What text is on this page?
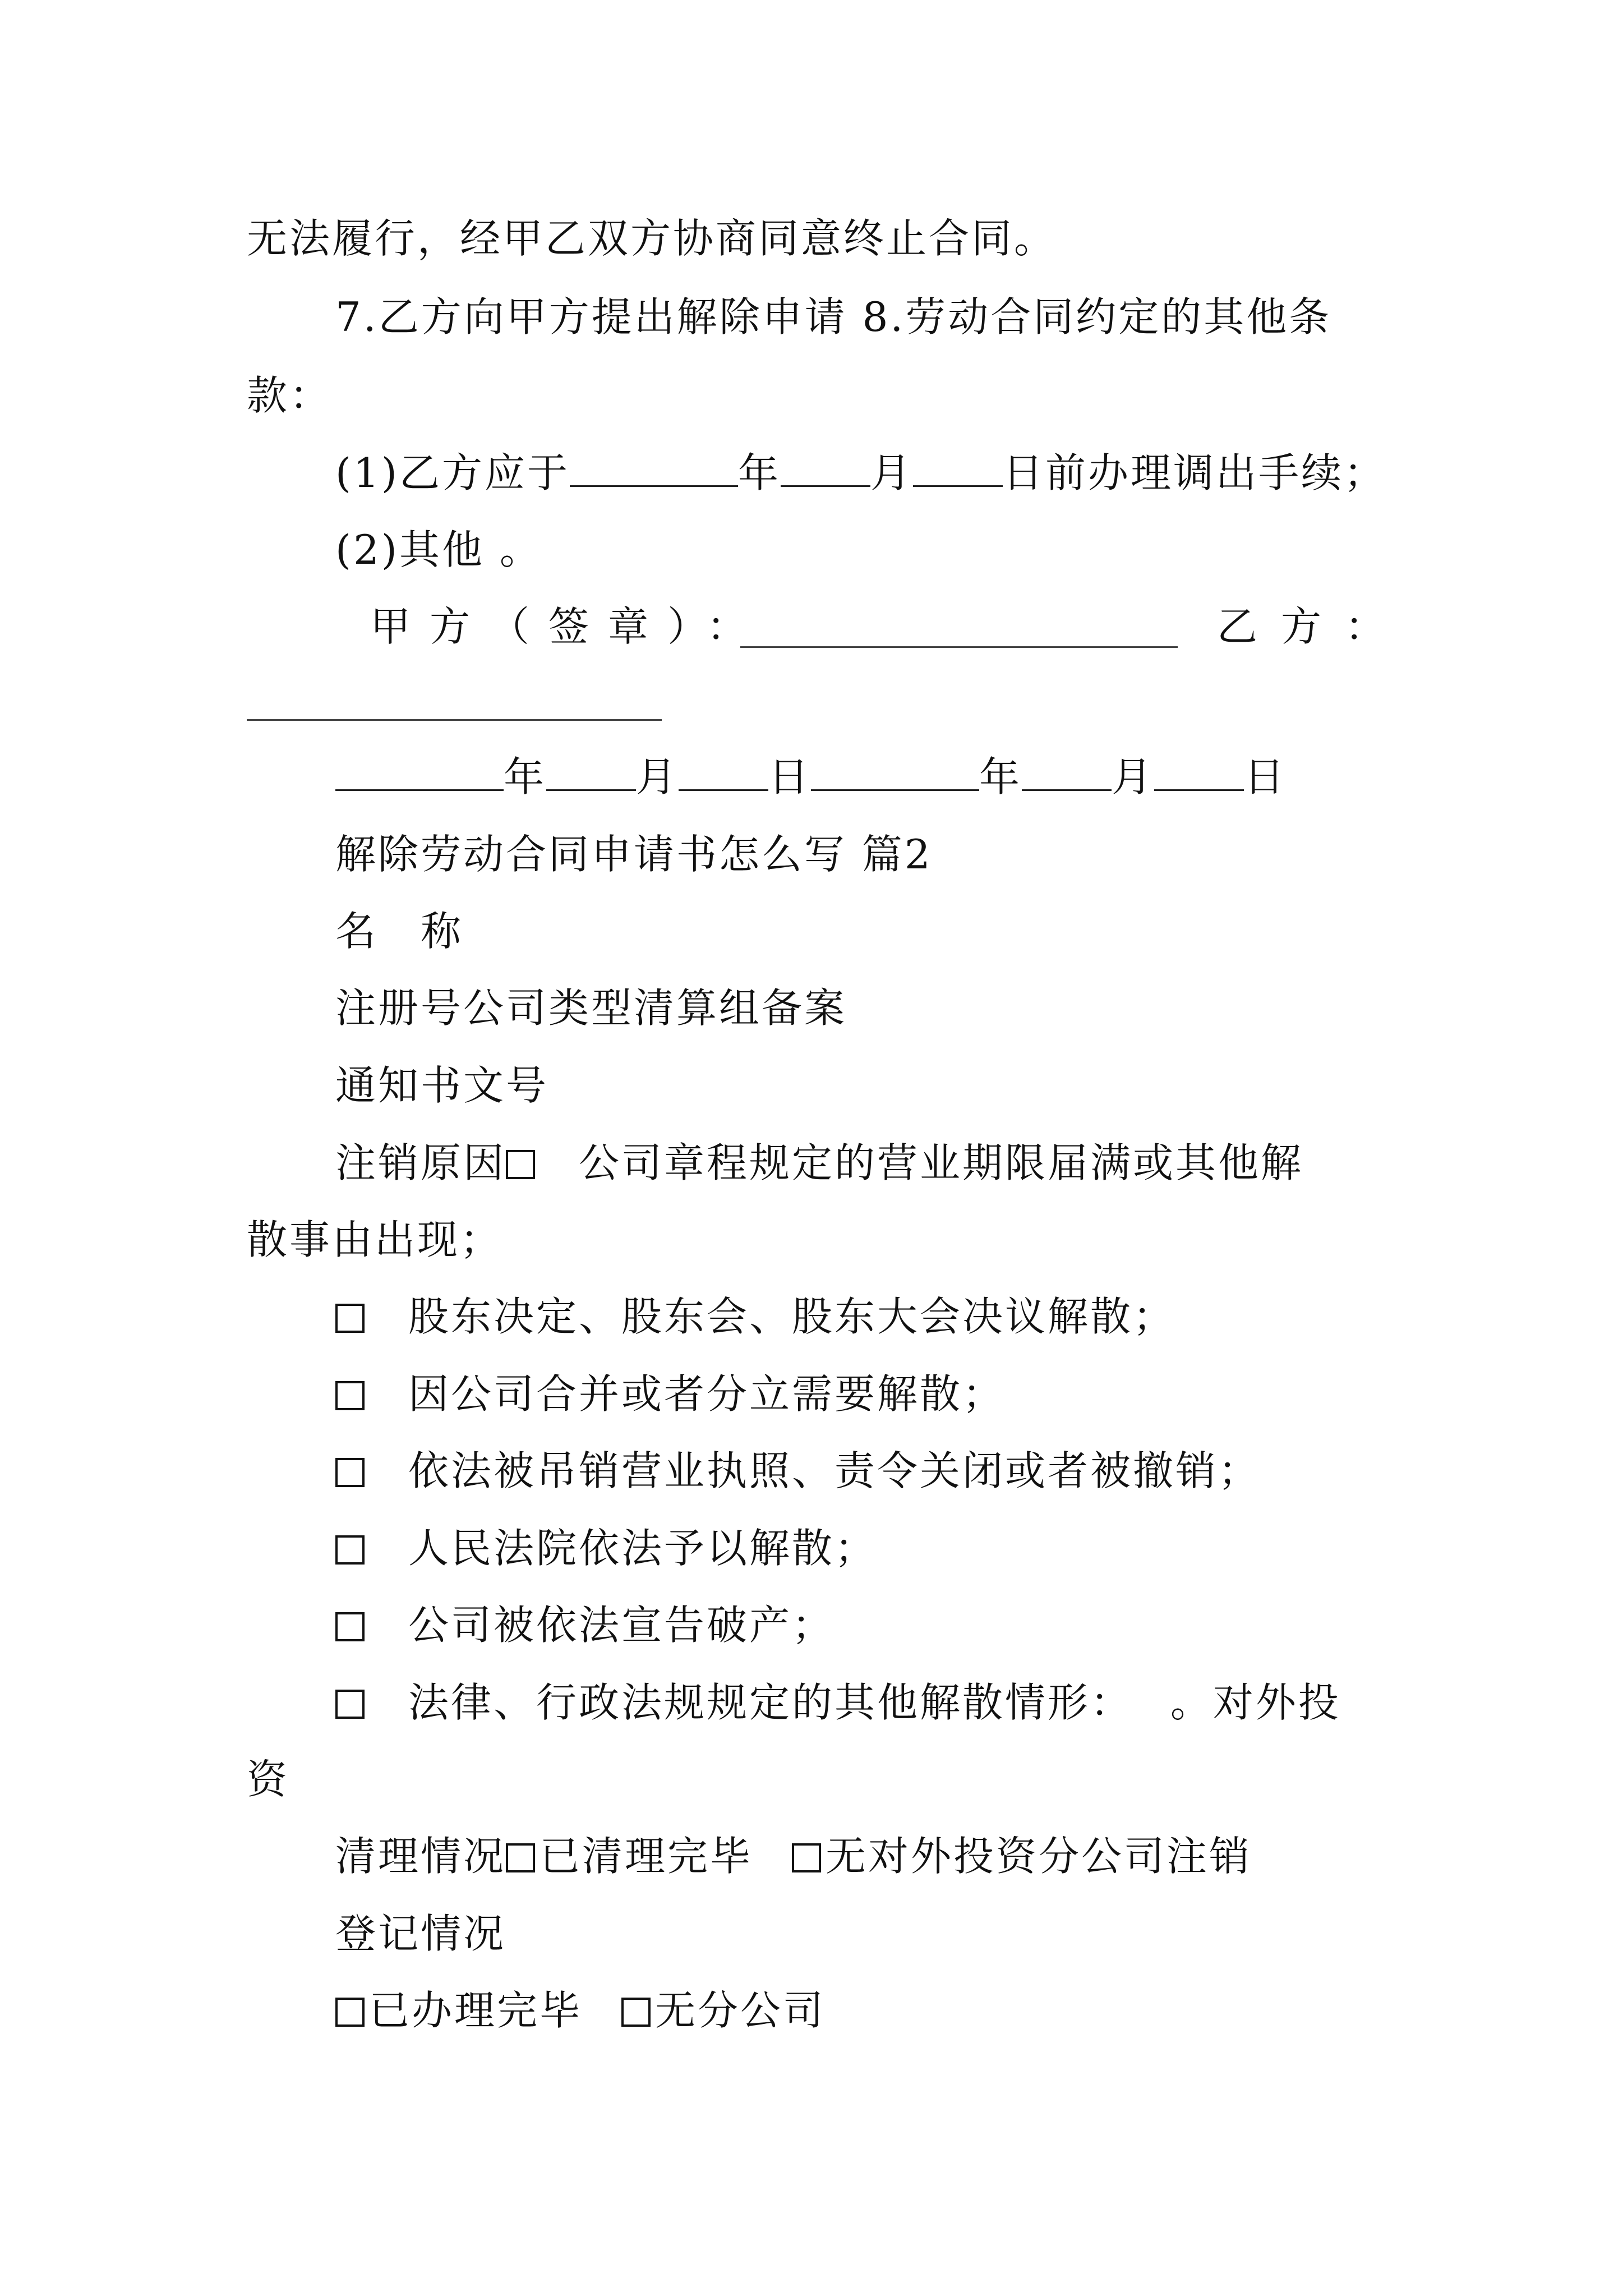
无法履行，经甲乙双方协商同意终止合同。
7.乙方向甲方提出解除申请 8.劳动合同约定的其他条
款：
(1)乙方应于	年 月 日前办理调出手续；
(2)其他 。
甲方（签章）：	乙方：
年 月 日	年 月 日
解除劳动合同申请书怎么写 篇2
名　称
注册号公司类型清算组备案
通知书文号
注销原因 公司章程规定的营业期限届满或其他解
散事由出现；
股东决定、股东会、股东大会决议解散；
因公司合并或者分立需要解散；
依法被吊销营业执照、责令关闭或者被撤销；
人民法院依法予以解散；
公司被依法宣告破产；
法律、行政法规规定的其他解散情形：　 。对外投
资
清理情况 已清理完毕 无对外投资分公司注销
登记情况
已办理完毕 无分公司
